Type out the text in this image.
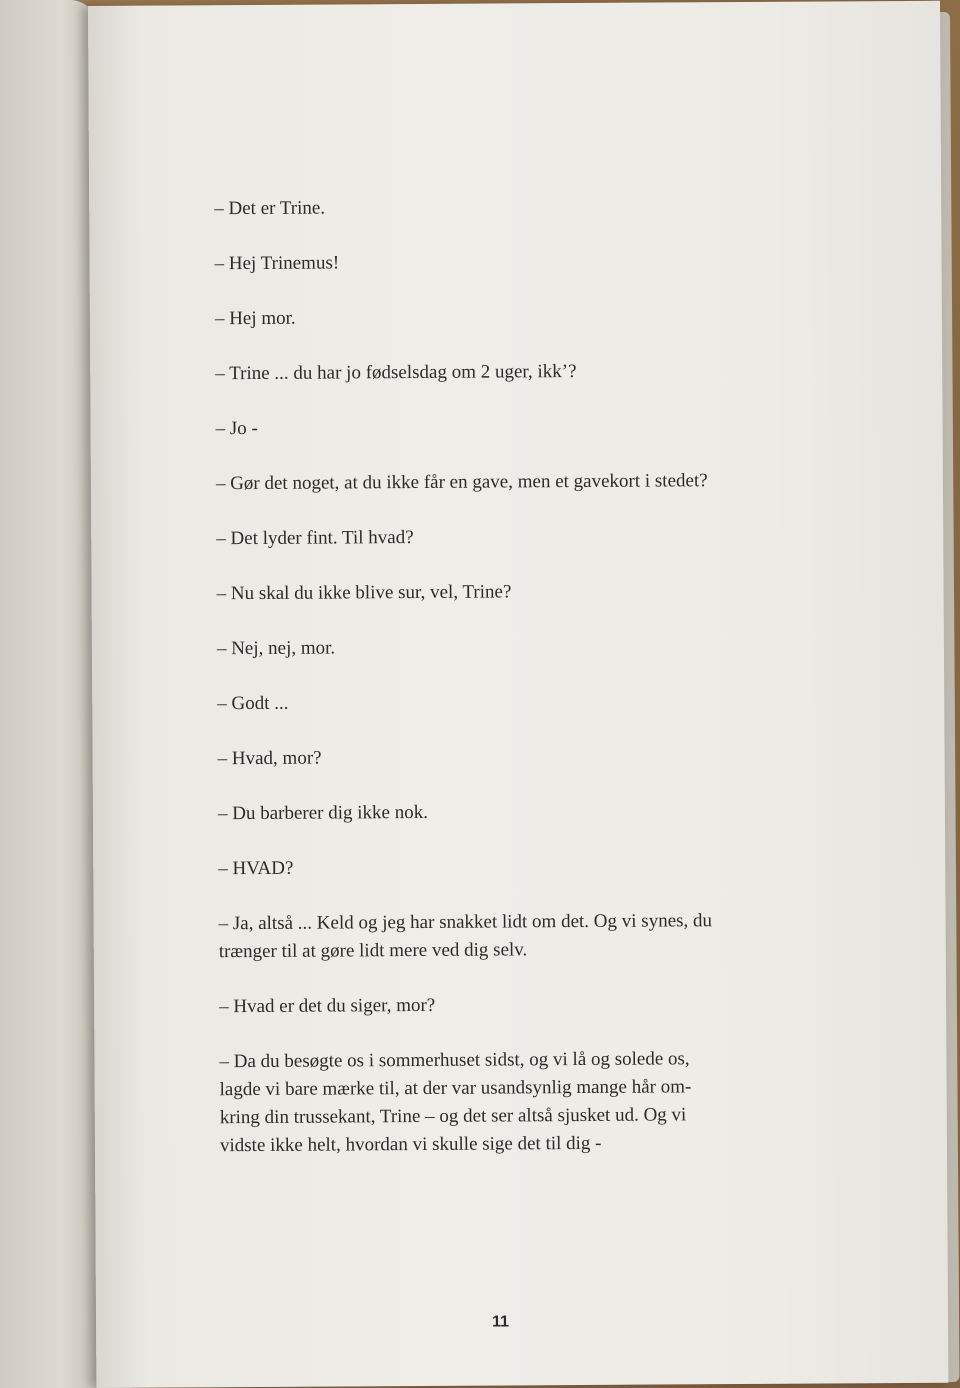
– Det er Trine.

– Hej Trinemus!

– Hej mor.

– Trine ... du har jo fødselsdag om 2 uger, ikk’?

– Jo -

– Gør det noget, at du ikke får en gave, men et gavekort i stedet?

– Det lyder fint. Til hvad?

– Nu skal du ikke blive sur, vel, Trine?

– Nej, nej, mor.

– Godt ...

– Hvad, mor?

– Du barberer dig ikke nok.

– HVAD?

– Ja, altså ... Keld og jeg har snakket lidt om det. Og vi synes, du

trænger til at gøre lidt mere ved dig selv.

– Hvad er det du siger, mor?

– Da du besøgte os i sommerhuset sidst, og vi lå og solede os,

lagde vi bare mærke til, at der var usandsynlig mange hår om-

kring din trussekant, Trine – og det ser altså sjusket ud. Og vi

vidste ikke helt, hvordan vi skulle sige det til dig -

11
